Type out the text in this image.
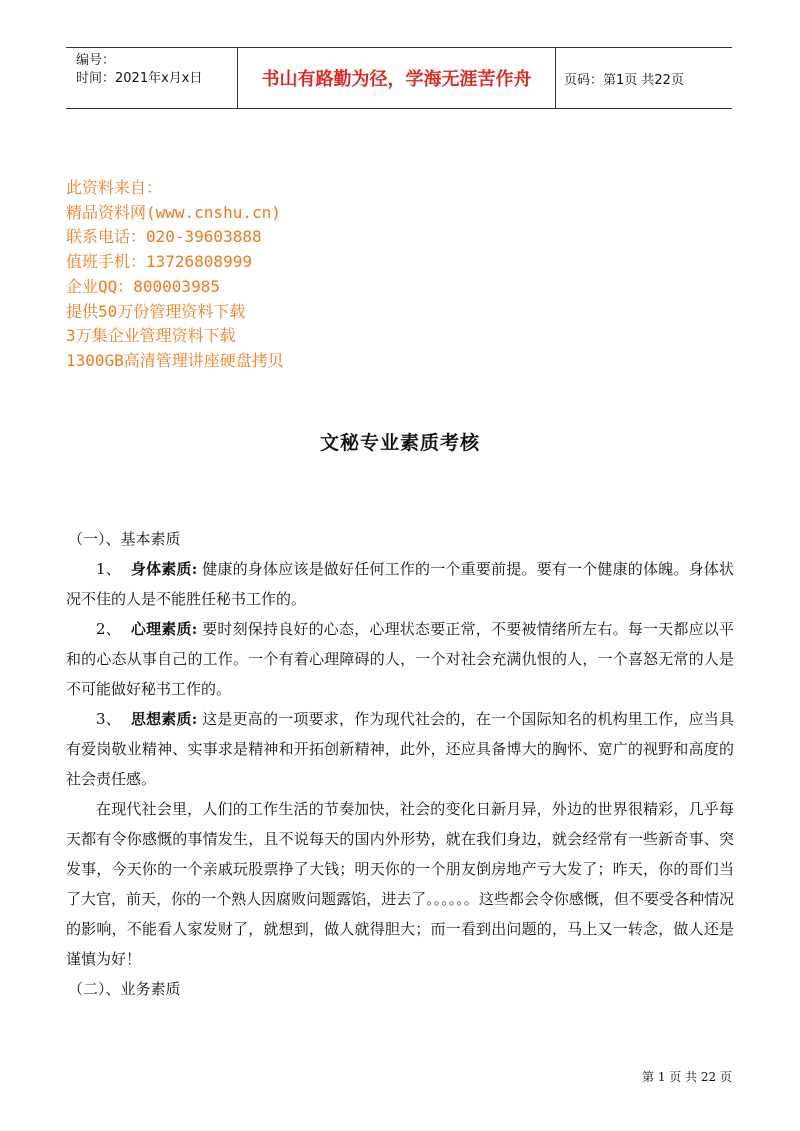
编号：
时间：2021年x月x日	书山有路勤为径，学海无涯苦作舟	页码：第1页 共22页
此资料来自：
精品资料网(www.cnshu.cn)
联系电话：020-39603888
值班手机：13726808999
企业QQ：800003985
提供50万份管理资料下载
3万集企业管理资料下载
1300GB高清管理讲座硬盘拷贝
文秘专业素质考核
（一）、基本素质
1、 身体素质: 健康的身体应该是做好任何工作的一个重要前提。要有一个健康的体魄。身体状况不佳的人是不能胜任秘书工作的。
2、 心理素质: 要时刻保持良好的心态，心理状态要正常，不要被情绪所左右。每一天都应以平和的心态从事自己的工作。一个有着心理障碍的人，一个对社会充满仇恨的人，一个喜怒无常的人是不可能做好秘书工作的。
3、 思想素质: 这是更高的一项要求，作为现代社会的，在一个国际知名的机构里工作，应当具有爱岗敬业精神、实事求是精神和开拓创新精神，此外，还应具备博大的胸怀、宽广的视野和高度的社会责任感。
在现代社会里，人们的工作生活的节奏加快，社会的变化日新月异，外边的世界很精彩，几乎每天都有令你感慨的事情发生，且不说每天的国内外形势，就在我们身边，就会经常有一些新奇事、突发事，今天你的一个亲戚玩股票挣了大钱；明天你的一个朋友倒房地产亏大发了；昨天，你的哥们当了大官，前天，你的一个熟人因腐败问题露馅，进去了。。。。。。这些都会令你感慨，但不要受各种情况的影响，不能看人家发财了，就想到，做人就得胆大；而一看到出问题的，马上又一转念，做人还是谨慎为好！
（二）、业务素质
第 1 页 共 22 页
